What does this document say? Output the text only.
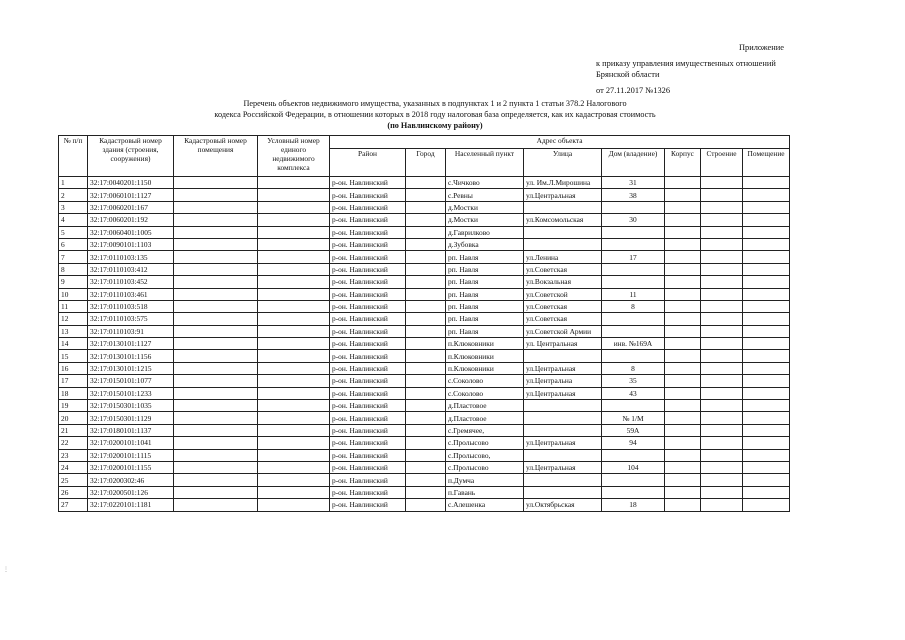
Приложение
к приказу управления имущественных отношений Брянской области
от 27.11.2017 №1326
Перечень объектов недвижимого имущества, указанных в подпунктах 1 и 2 пункта 1 статьи 378.2 Налогового
кодекса Российской Федерации, в отношении которых в 2018 году налоговая база определяется, как их кадастровая стоимость
(по Навлинскому району)
№ п/п	Кадастровый номер здания (строения, сооружения)	Кадастровый номер помещения	Условный номер единого недвижимого комплекса	Адрес объекта							
				Район	Город	Населенный пункт	Улица	Дом (владение)	Корпус	Строение	Помещение
1	32:17:0040201:1150			р-он. Навлинский		с.Чичково	ул. Им.Л.Мирошина	31			
2	32:17:0060101:1127			р-он. Навлинский		с.Ревны	ул.Центральная	38			
3	32:17:0060201:167			р-он. Навлинский		д.Мостки					
4	32:17:0060201:192			р-он. Навлинский		д.Мостки	ул.Комсомольская	30			
5	32:17:0060401:1005			р-он. Навлинский		д.Гаврилково					
6	32:17:0090101:1103			р-он. Навлинский		д.Зубовка					
7	32:17:0110103:135			р-он. Навлинский		рп. Навля	ул.Ленина	17			
8	32:17:0110103:412			р-он. Навлинский		рп. Навля	ул.Советская				
9	32:17:0110103:452			р-он. Навлинский		рп. Навля	ул.Вокзальная				
10	32:17:0110103:461			р-он. Навлинский		рп. Навля	ул.Советской	11			
11	32:17:0110103:518			р-он. Навлинский		рп. Навля	ул.Советская	8			
12	32:17:0110103:575			р-он. Навлинский		рп. Навля	ул.Советская				
13	32:17:0110103:91			р-он. Навлинский		рп. Навля	ул.Советской Армии				
14	32:17:0130101:1127			р-он. Навлинский		п.Клюковники	ул. Центральная	инв. №169А			
15	32:17:0130101:1156			р-он. Навлинский		п.Клюковники					
16	32:17:0130101:1215			р-он. Навлинский		п.Клюковники	ул.Центральная	8			
17	32:17:0150101:1077			р-он. Навлинский		с.Соколово	ул.Центральна	35			
18	32:17:0150101:1233			р-он. Навлинский		с.Соколово	ул.Центральная	43			
19	32:17:0150301:1035			р-он. Навлинский		д.Пластовое					
20	32:17:0150301:1129			р-он. Навлинский		д.Пластовое		№ 1/М			
21	32:17:0180101:1137			р-он. Навлинский		с.Гремячее,		59А			
22	32:17:0200101:1041			р-он. Навлинский		с.Пролысово	ул.Центральная	94			
23	32:17:0200101:1115			р-он. Навлинский		с.Пролысово,					
24	32:17:0200101:1155			р-он. Навлинский		с.Пролысово	ул.Центральная	104			
25	32:17:0200302:46			р-он. Навлинский		п.Думча					
26	32:17:0200501:126			р-он. Навлинский		п.Гавань					
27	32:17:0220101:1181			р-он. Навлинский		с.Алешенка	ул.Октябрьская	18			
⋮
